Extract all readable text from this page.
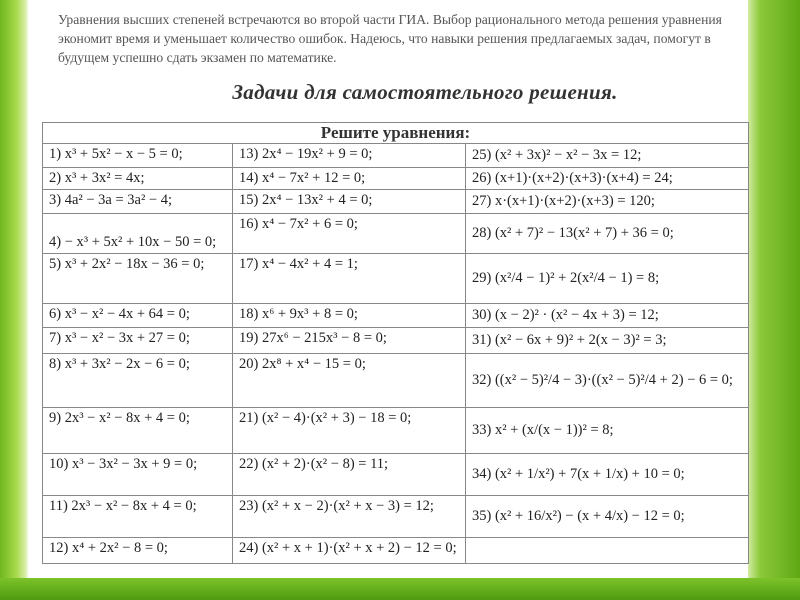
Уравнения высших степеней встречаются во второй части ГИА. Выбор рационального метода решения уравнения экономит время и уменьшает количество ошибок. Надеюсь, что навыки решения предлагаемых задач, помогут в будущем успешно сдать экзамен по математике.
Задачи для самостоятельного решения.
Решите уравнения:		
1) x³ + 5x² − x − 5 = 0;	13) 2x⁴ − 19x² + 9 = 0;	25) (x² + 3x)² − x² − 3x = 12;
2) x³ + 3x² = 4x;	14) x⁴ − 7x² + 12 = 0;	26) (x+1)·(x+2)·(x+3)·(x+4) = 24;
3) 4a² − 3a = 3a² − 4;	15) 2x⁴ − 13x² + 4 = 0;	27) x·(x+1)·(x+2)·(x+3) = 120;
4) − x³ + 5x² + 10x − 50 = 0;	16) x⁴ − 7x² + 6 = 0;	28) (x² + 7)² − 13(x² + 7) + 36 = 0;
5) x³ + 2x² − 18x − 36 = 0;	17) x⁴ − 4x² + 4 = 1;	29) (x²/4 − 1)² + 2(x²/4 − 1) = 8;
6) x³ − x² − 4x + 64 = 0;	18) x⁶ + 9x³ + 8 = 0;	30) (x − 2)² · (x² − 4x + 3) = 12;
7) x³ − x² − 3x + 27 = 0;	19) 27x⁶ − 215x³ − 8 = 0;	31) (x² − 6x + 9)² + 2(x − 3)² = 3;
8) x³ + 3x² − 2x − 6 = 0;	20) 2x⁸ + x⁴ − 15 = 0;	32) ((x² − 5)²/4 − 3)·((x² − 5)²/4 + 2) − 6 = 0;
9) 2x³ − x² − 8x + 4 = 0;	21) (x² − 4)·(x² + 3) − 18 = 0;	33) x² + (x/(x − 1))² = 8;
10) x³ − 3x² − 3x + 9 = 0;	22) (x² + 2)·(x² − 8) = 11;	34) (x² + 1/x²) + 7(x + 1/x) + 10 = 0;
11) 2x³ − x² − 8x + 4 = 0;	23) (x² + x − 2)·(x² + x − 3) = 12;	35) (x² + 16/x²) − (x + 4/x) − 12 = 0;
12) x⁴ + 2x² − 8 = 0;	24) (x² + x + 1)·(x² + x + 2) − 12 = 0;	
